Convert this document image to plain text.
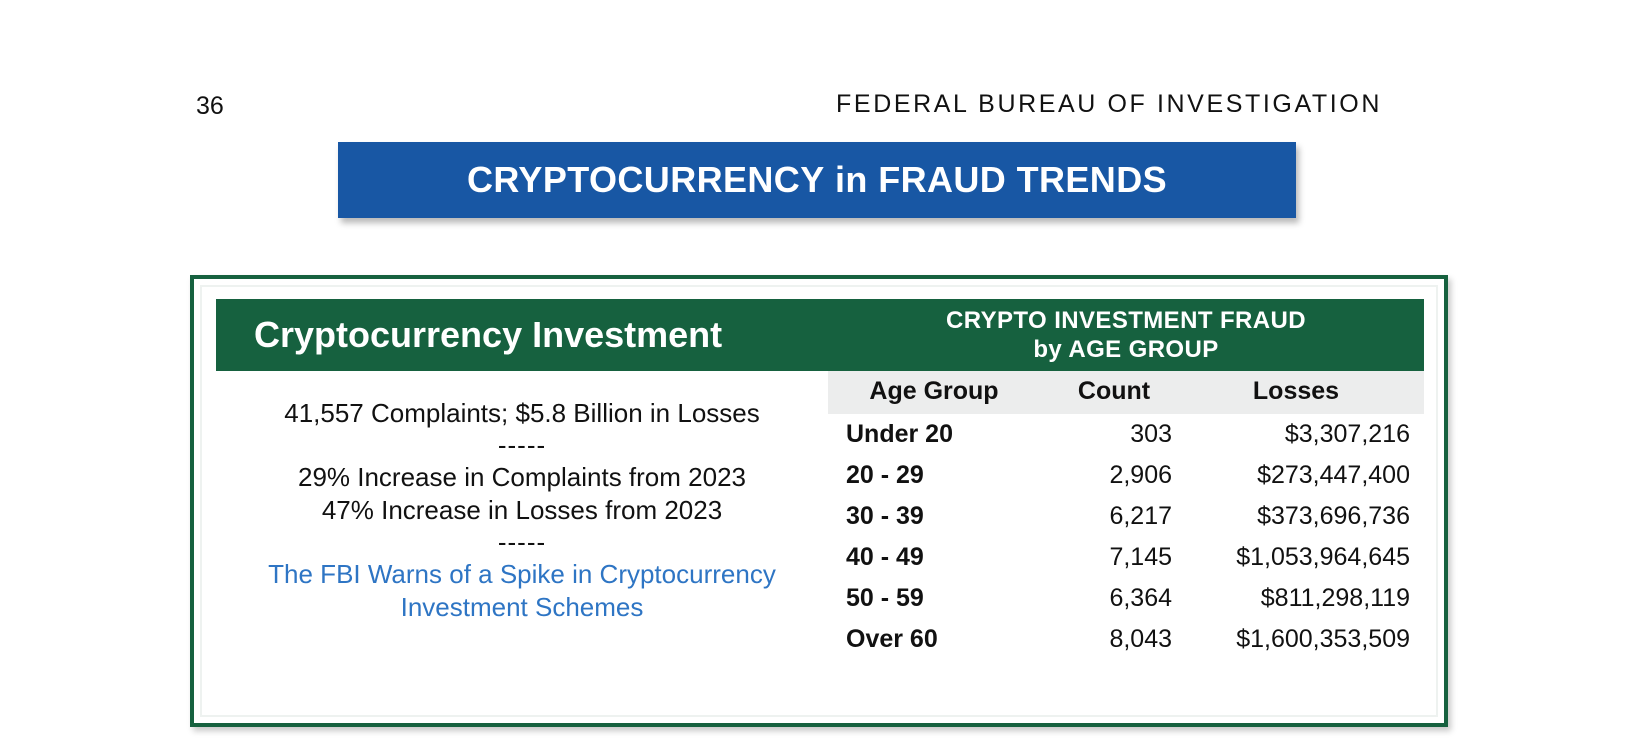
36	FEDERAL BUREAU OF INVESTIGATION
CRYPTOCURRENCY in FRAUD TRENDS
Cryptocurrency Investment	CRYPTO INVESTMENT FRAUD
by AGE GROUP
41,557 Complaints; $5.8 Billion in Losses
-----
29% Increase in Complaints from 2023
47% Increase in Losses from 2023
-----
The FBI Warns of a Spike in Cryptocurrency
Investment Schemes
Age Group	Count	Losses
Under 20	303	$3,307,216
20 - 29	2,906	$273,447,400
30 - 39	6,217	$373,696,736
40 - 49	7,145	$1,053,964,645
50 - 59	6,364	$811,298,119
Over 60	8,043	$1,600,353,509
